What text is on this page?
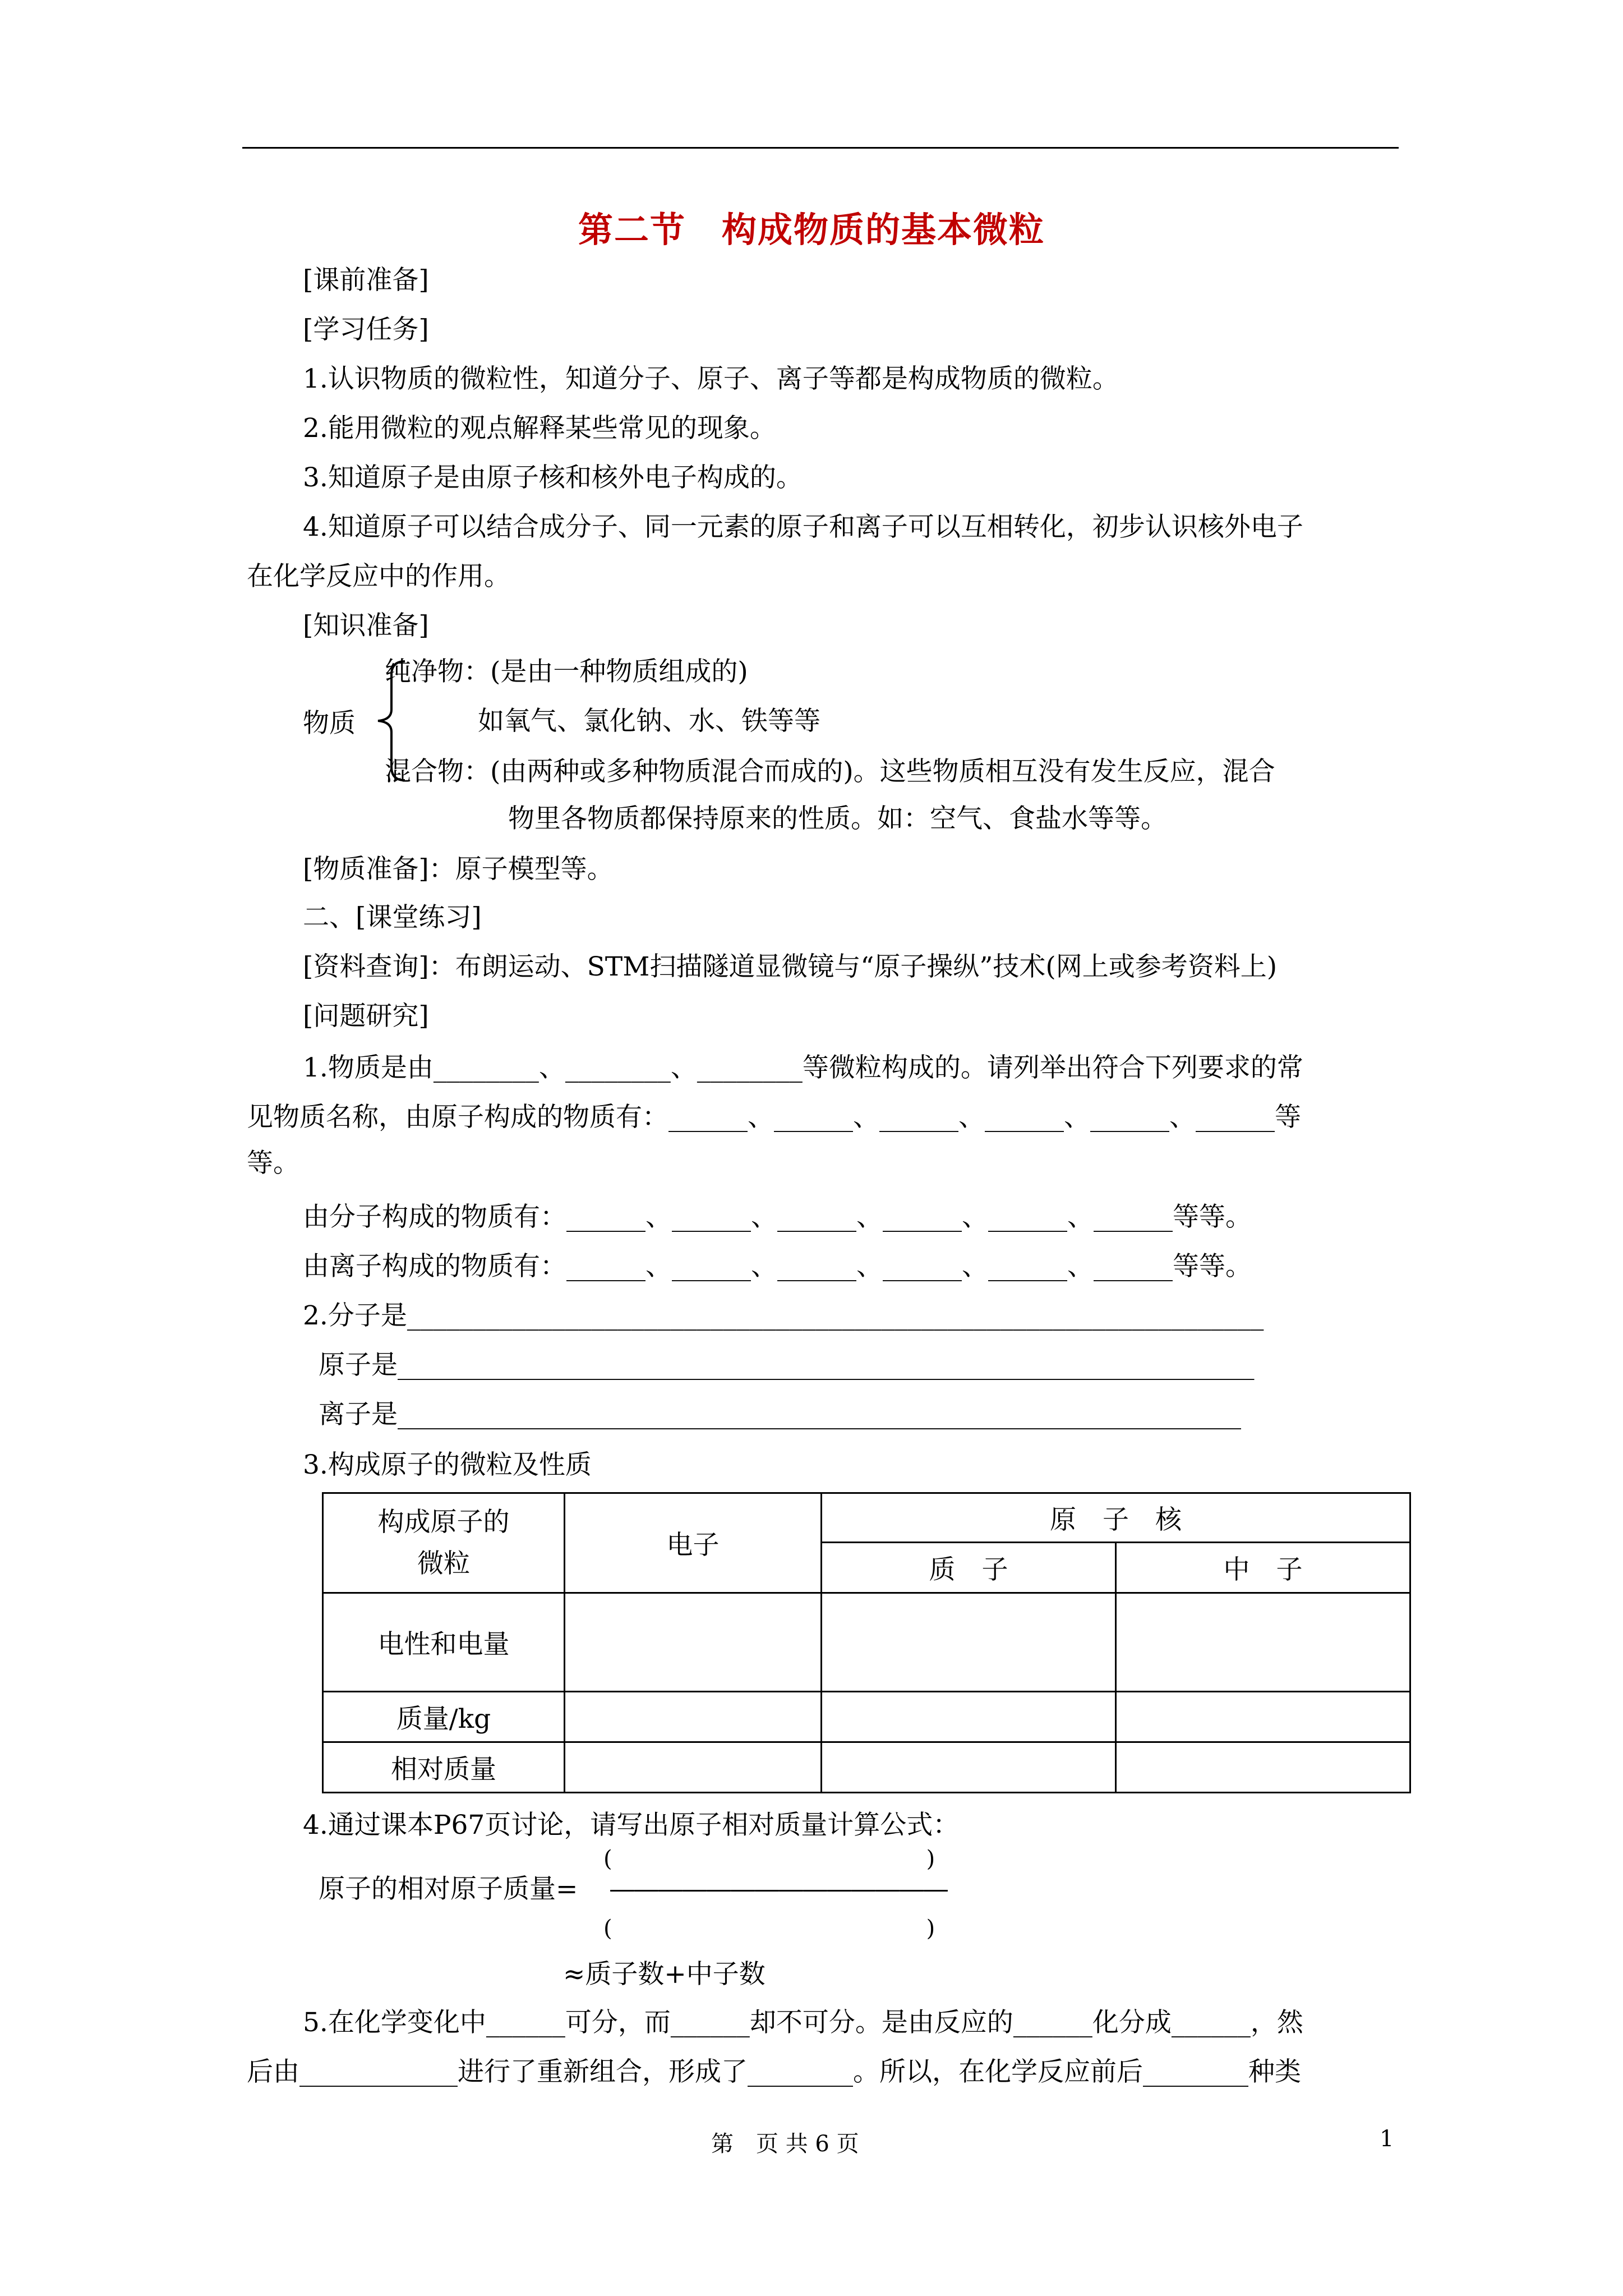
第二节　构成物质的基本微粒
[课前准备]
[学习任务]
1.认识物质的微粒性，知道分子、原子、离子等都是构成物质的微粒。
2.能用微粒的观点解释某些常见的现象。
3.知道原子是由原子核和核外电子构成的。
4.知道原子可以结合成分子、同一元素的原子和离子可以互相转化，初步认识核外电子
在化学反应中的作用。
[知识准备]
纯净物：(是由一种物质组成的)
物质	如氧气、氯化钠、水、铁等等
混合物：(由两种或多种物质混合而成的)。这些物质相互没有发生反应，混合
物里各物质都保持原来的性质。如：空气、食盐水等等。
[物质准备]：原子模型等。
二、[课堂练习]
[资料查询]：布朗运动、STM扫描隧道显微镜与“原子操纵”技术(网上或参考资料上)
[问题研究]
1.物质是由________、________、________等微粒构成的。请列举出符合下列要求的常
见物质名称，由原子构成的物质有：______、______、______、______、______、______等
等。
由分子构成的物质有：______、______、______、______、______、______等等。
由离子构成的物质有：______、______、______、______、______、______等等。
2.分子是_________________________________________________________________
原子是_________________________________________________________________
离子是________________________________________________________________
3.构成原子的微粒及性质
构成原子的
微粒	电子	原　子　核	
		质　子	中　子
电性和电量			
质量/kg			
相对质量			
4.通过课本P67页讨论，请写出原子相对质量计算公式：
(　　　　　　　　　　　　　　)
原子的相对原子质量= ——————————————
(　　　　　　　　　　　　　　)
≈质子数+中子数
5.在化学变化中______可分，而______却不可分。是由反应的______化分成______，然
后由____________进行了重新组合，形成了________。所以，在化学反应前后________种类
第　页 共 6 页	1
